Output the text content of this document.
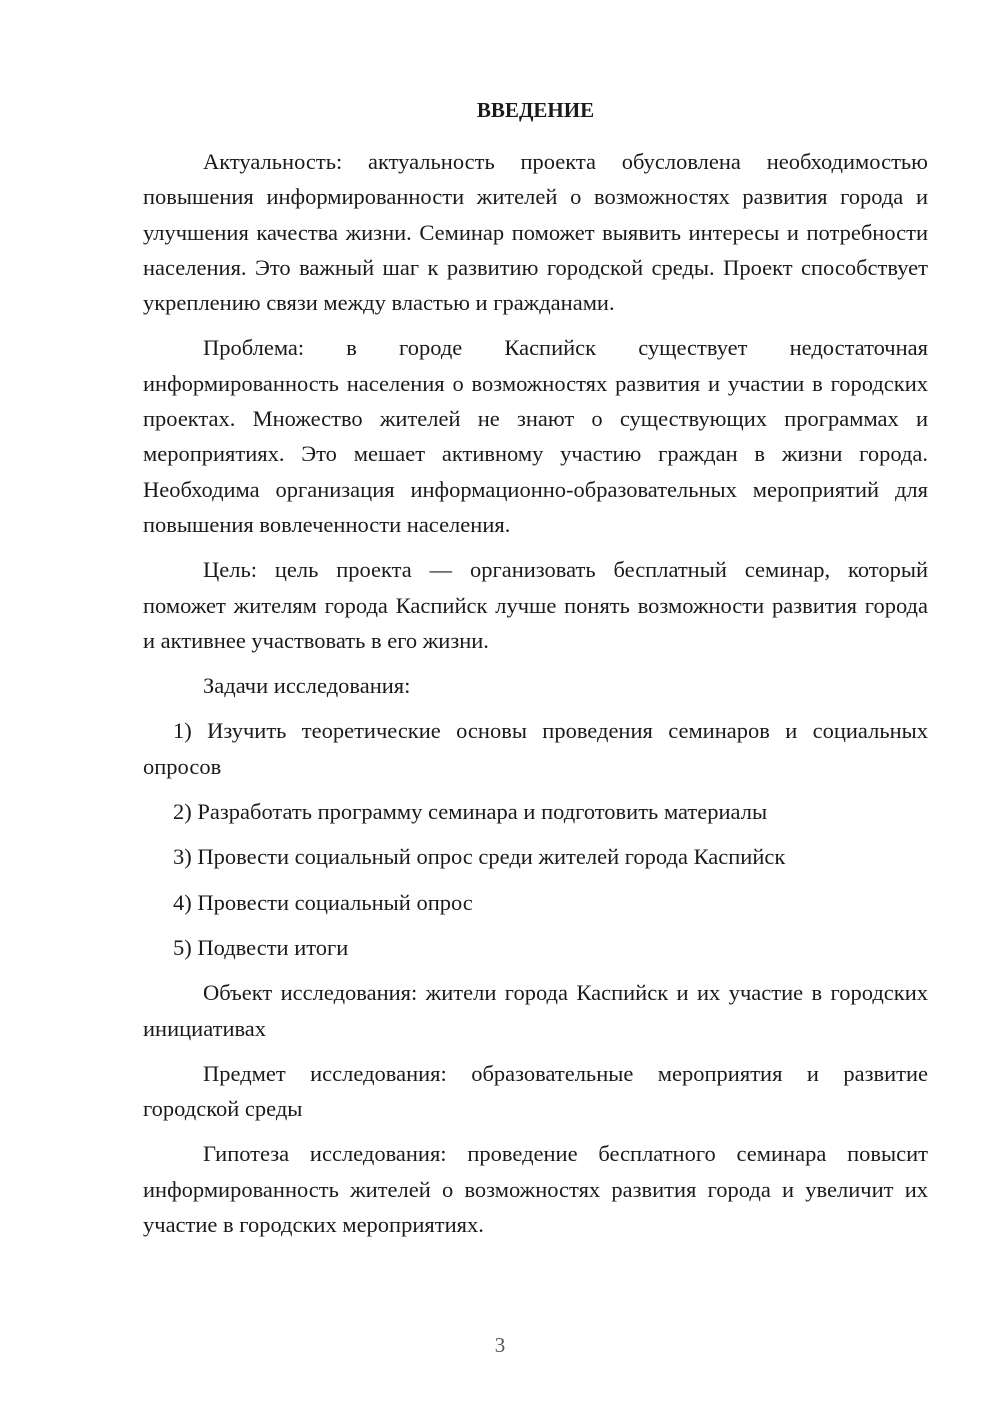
ВВЕДЕНИЕ

Актуальность: актуальность проекта обусловлена необходимостью повышения информированности жителей о возможностях развития города и улучшения качества жизни. Семинар поможет выявить интересы и потребности населения. Это важный шаг к развитию городской среды. Проект способствует укреплению связи между властью и гражданами.

Проблема: в городе Каспийск существует недостаточная информированность населения о возможностях развития и участии в городских проектах. Множество жителей не знают о существующих программах и мероприятиях. Это мешает активному участию граждан в жизни города. Необходима организация информационно-образовательных мероприятий для повышения вовлеченности населения.

Цель: цель проекта — организовать бесплатный семинар, который поможет жителям города Каспийск лучше понять возможности развития города и активнее участвовать в его жизни.

Задачи исследования:

1) Изучить теоретические основы проведения семинаров и социальных опросов

2) Разработать программу семинара и подготовить материалы

3) Провести социальный опрос среди жителей города Каспийск

4) Провести социальный опрос

5) Подвести итоги

Объект исследования: жители города Каспийск и их участие в городских инициативах

Предмет исследования: образовательные мероприятия и развитие городской среды

Гипотеза исследования: проведение бесплатного семинара повысит информированность жителей о возможностях развития города и увеличит их участие в городских мероприятиях.

3
